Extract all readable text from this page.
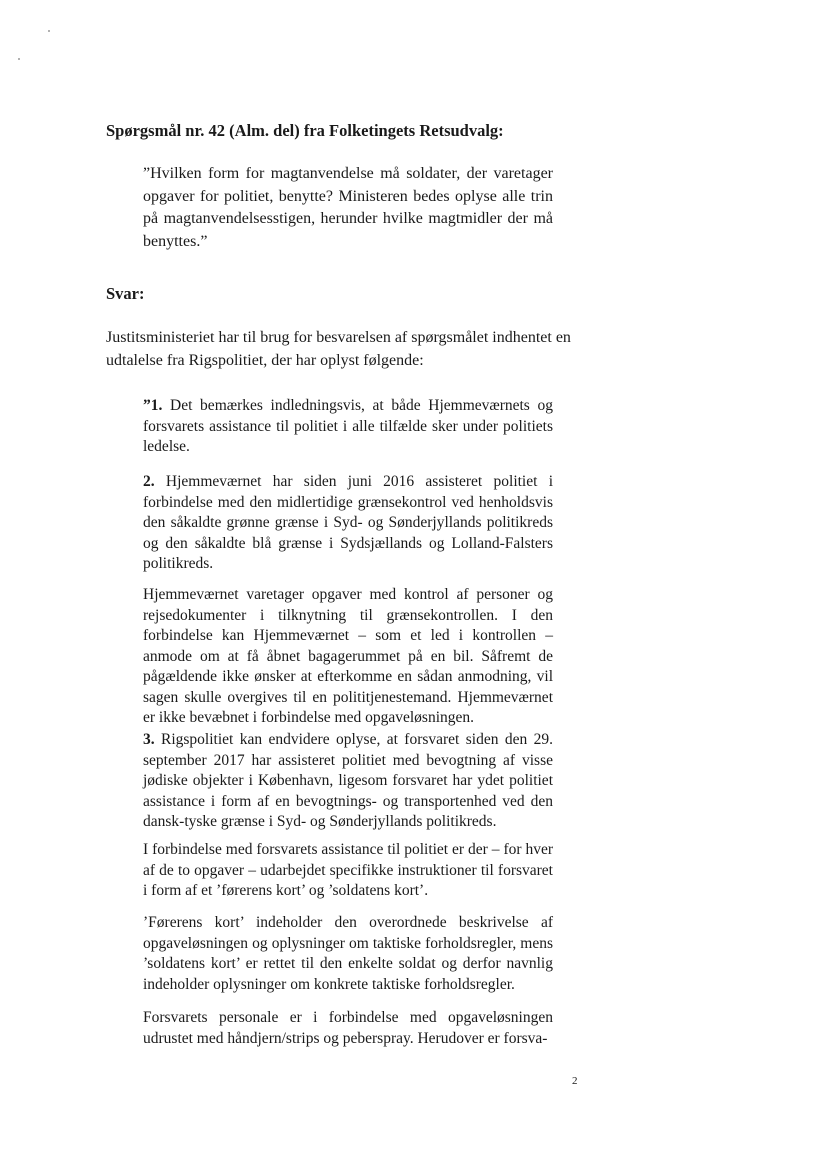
Spørgsmål nr. 42 (Alm. del) fra Folketingets Retsudvalg:
”Hvilken form for magtanvendelse må soldater, der varetager opgaver for politiet, benytte? Ministeren bedes oplyse alle trin på magtanvendelsesstigen, herunder hvilke magtmidler der må benyttes.”
Svar:
Justitsministeriet har til brug for besvarelsen af spørgsmålet indhentet en udtalelse fra Rigspolitiet, der har oplyst følgende:

”1. Det bemærkes indledningsvis, at både Hjemmeværnets og forsvarets assistance til politiet i alle tilfælde sker under politiets ledelse.

2. Hjemmeværnet har siden juni 2016 assisteret politiet i forbindelse med den midlertidige grænsekontrol ved henholdsvis den såkaldte grønne grænse i Syd- og Sønderjyllands politikreds og den såkaldte blå grænse i Sydsjællands og Lolland-Falsters politikreds.

Hjemmeværnet varetager opgaver med kontrol af personer og rejsedokumenter i tilknytning til grænsekontrollen. I den forbindelse kan Hjemmeværnet – som et led i kontrollen – anmode om at få åbnet bagagerummet på en bil. Såfremt de pågældende ikke ønsker at efterkomme en sådan anmodning, vil sagen skulle overgives til en polititjenestemand. Hjemmeværnet er ikke bevæbnet i forbindelse med opgaveløsningen.

3. Rigspolitiet kan endvidere oplyse, at forsvaret siden den 29. september 2017 har assisteret politiet med bevogtning af visse jødiske objekter i København, ligesom forsvaret har ydet politiet assistance i form af en bevogtnings- og transportenhed ved den dansk-tyske grænse i Syd- og Sønderjyllands politikreds.

I forbindelse med forsvarets assistance til politiet er der – for hver af de to opgaver – udarbejdet specifikke instruktioner til forsvaret i form af et ’førerens kort’ og ’soldatens kort’.

’Førerens kort’ indeholder den overordnede beskrivelse af opgaveløsningen og oplysninger om taktiske forholdsregler, mens ’soldatens kort’ er rettet til den enkelte soldat og derfor navnlig indeholder oplysninger om konkrete taktiske forholdsregler.

Forsvarets personale er i forbindelse med opgaveløsningen udrustet med håndjern/strips og peberspray. Herudover er forsva-

2
